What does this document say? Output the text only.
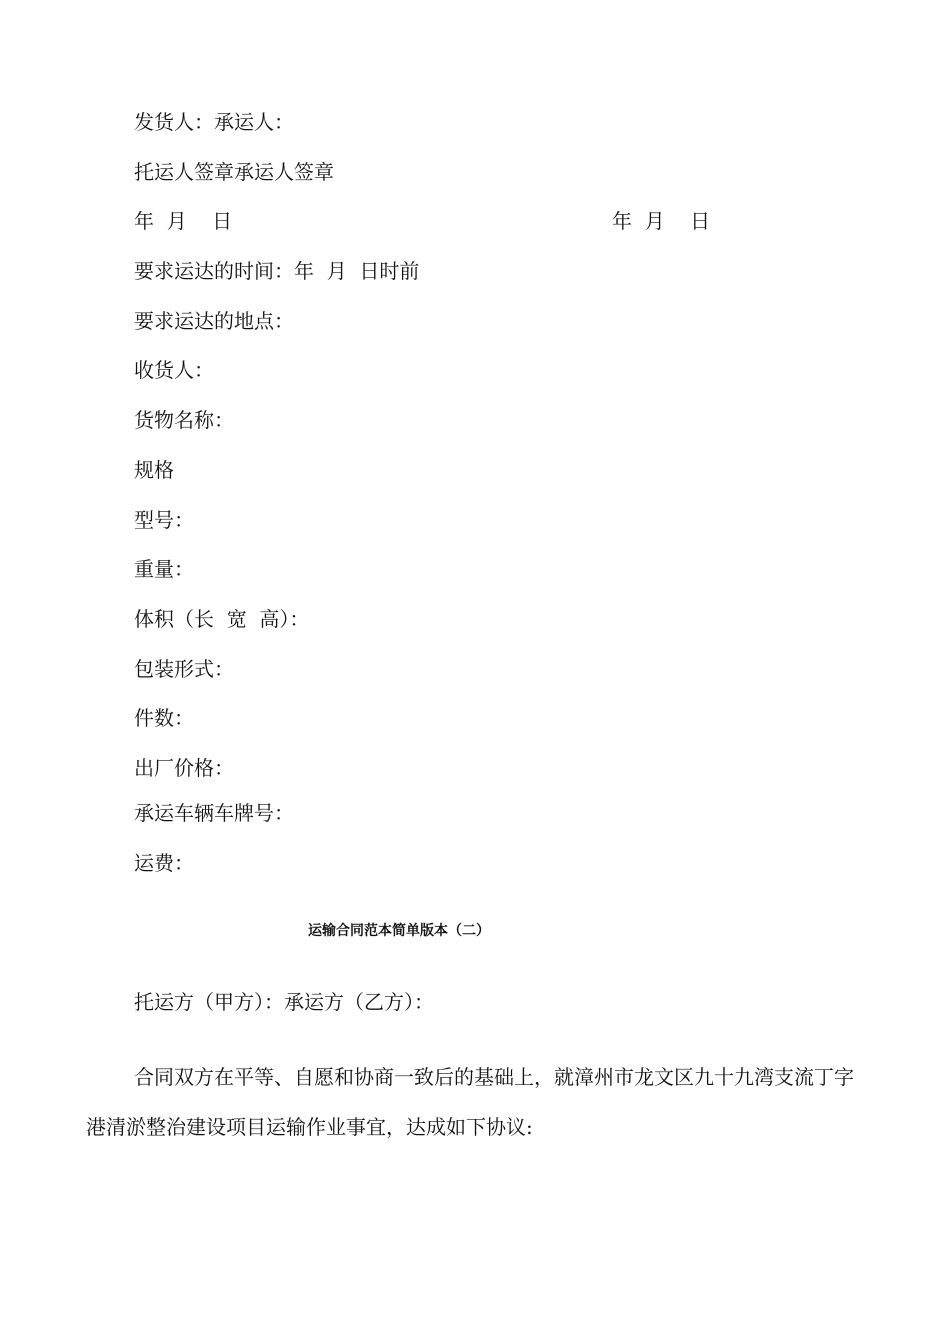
发货人：承运人：
托运人签章承运人签章
年  月    日	年  月    日
要求运达的时间：年  月  日时前
要求运达的地点：
收货人：
货物名称：
规格
型号：
重量：
体积（长  宽  高）：
包装形式：
件数：
出厂价格：
承运车辆车牌号：
运费：
运输合同范本简单版本（二）
托运方（甲方）：承运方（乙方）：
合同双方在平等、自愿和协商一致后的基础上，就漳州市龙文区九十九湾支流丁字港清淤整治建设项目运输作业事宜，达成如下协议:
